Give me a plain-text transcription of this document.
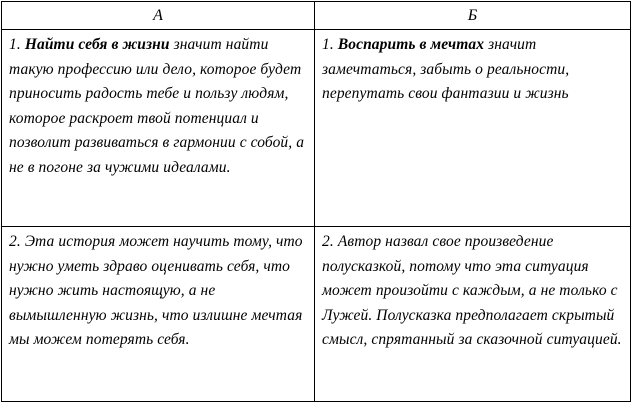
А	Б
1. Найти себя в жизни значит найти такую профессию или дело, которое будет приносить радость тебе и пользу людям, которое раскроет твой потенциал и позволит развиваться в гармонии с собой, а не в погоне за чужими идеалами.	1. Воспарить в мечтах значит замечтаться, забыть о реальности, перепутать свои фантазии и жизнь
2. Эта история может научить тому, что нужно уметь здраво оценивать себя, что нужно жить настоящую, а не вымышленную жизнь, что излишне мечтая мы можем потерять себя.	2. Автор назвал свое произведение полусказкой, потому что эта ситуация может произойти с каждым, а не только с Лужей. Полусказка предполагает скрытый смысл, спрятанный за сказочной ситуацией.
